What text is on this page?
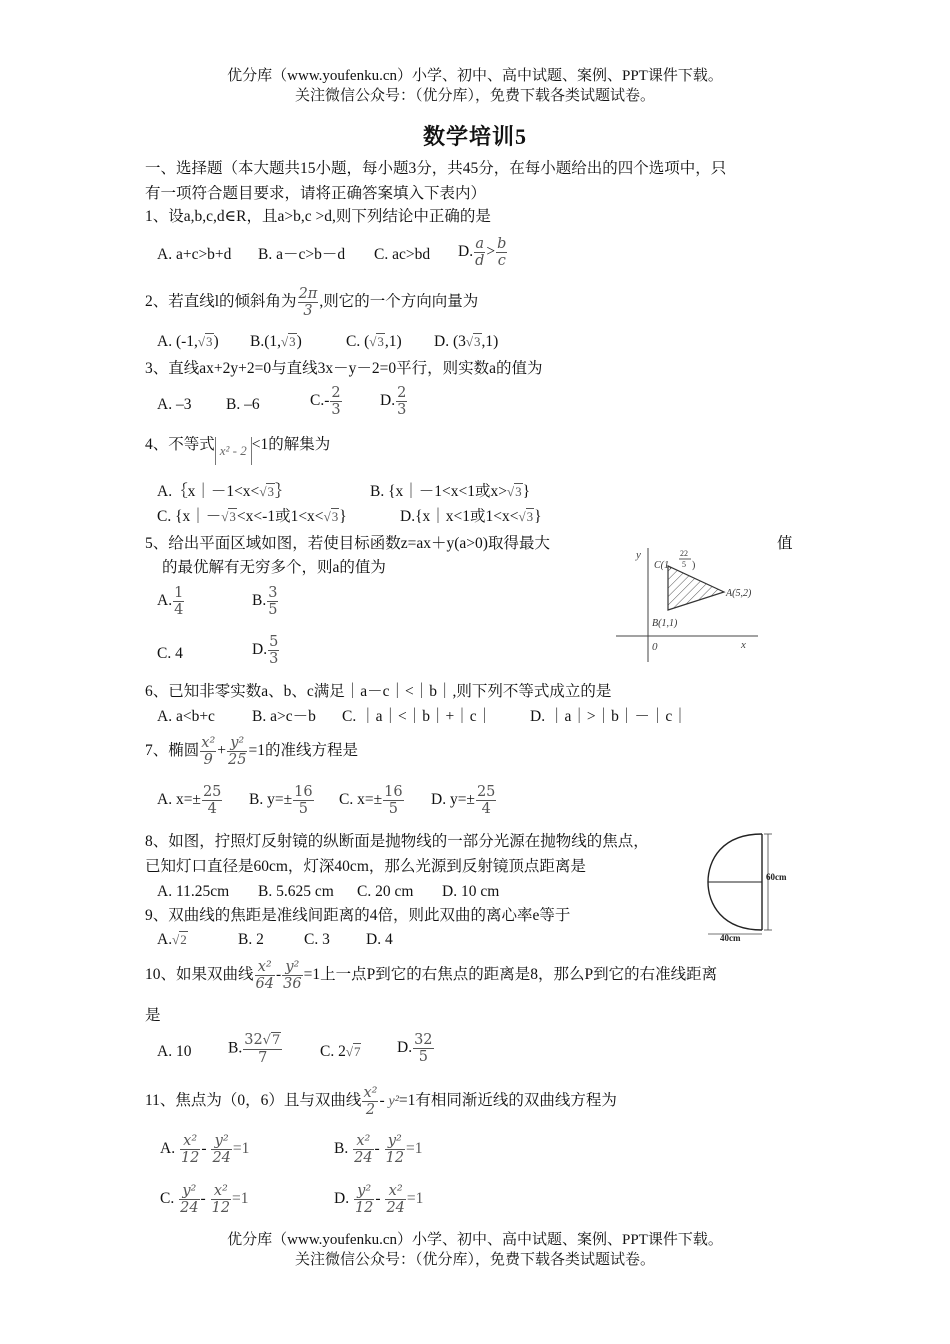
优分库（www.youfenku.cn）小学、初中、高中试题、案例、PPT课件下载。
关注微信公众号：（优分库），免费下载各类试题试卷。
数学培训5
一、选择题（本大题共15小题，每小题3分，共45分，在每小题给出的四个选项中，只
有一项符合题目要求，请将正确答案填入下表内）
1、设a,b,c,d∈R，且a>b,c >d,则下列结论中正确的是
A. a+c>b+d B. a－c>b－d C. ac>bd D. $\frac{a}{d} > \frac{b}{c}$
2、若直线l的倾斜角为 $\frac{2\pi}{3}$ ,则它的一个方向向量为
A. (-1,√3) B.(1,√3)	C. (√3,1) D. (3√3,1)
3、直线ax+2y+2=0与直线3x－y－2=0平行，则实数a的值为
A. –3 B. –6	$C.- \frac{2}{3} D$. $\frac{2}{3}$
4、不等式 x² - 2 <1的解集为
A.｛x｜－1<x<√3｝	B. {x｜－1<x<1或x>√3}
C. {x｜－√3<x<-1或1<x<√3}	D.{x｜x<1或1<x<√3}
5、给出平面区域如图，若使目标函数z=ax＋y(a>0)取得最大	值
的最优解有无穷多个，则a的值为
A. $\frac{1}{4}$	B. $\frac{3}{5}$
C. 4	D. $\frac{5}{3}$
y
x
0
C(1,
22
5 )
A(5,2)
B(1,1)
6、已知非零实数a、b、c满足｜a－c｜<｜b｜,则下列不等式成立的是
A. a<b+c B. a>c－b C. ｜a｜<｜b｜+｜c｜ D. ｜a｜>｜b｜－｜c｜
7、椭圆 $\frac{\text{x²}}{9} + \frac{\text{y²}}{25} =1$的准线方程是
A. $x=\pm \frac{25}{4} B$. $y=\pm \frac{16}{5} C$. $x=\pm \frac{16}{5} D$. $y=\pm \frac{25}{4}$
8、如图，拧照灯反射镜的纵断面是抛物线的一部分光源在抛物线的焦点，
已知灯口直径是60cm，灯深40cm，那么光源到反射镜顶点距离是
A. 11.25cm B. 5.625 cm C. 20 cm D. 10 cm
60cm
40cm
9、双曲线的焦距是准线间距离的4倍，则此双曲的离心率e等于
A.√2	B. 2	C. 3 D. 4
10、如果双曲线 $\frac{\text{x²}}{64} - \frac{\text{y²}}{36} =1$上一点P到它的右焦点的距离是8，那么P到它的右准线距离
是
A. 10 B. $\frac{32√7}{7} C$. 2√7 D. $\frac{32}{5}$
11、焦点为（0，6）且与双曲线 $\frac{\text{x²}}{2} - y^2=1$有相同渐近线的双曲线方程为
A. $\frac{\text{x²}}{12} - \frac{\text{y²}}{24} =1$	B. $\frac{\text{x²}}{24} - \frac{\text{y²}}{12} =1$
C. $\frac{\text{y²}}{24} - \frac{\text{x²}}{12} =1$	D. $\frac{\text{y²}}{12} - \frac{\text{x²}}{24} =1$
优分库（www.youfenku.cn）小学、初中、高中试题、案例、PPT课件下载。
关注微信公众号：（优分库），免费下载各类试题试卷。
